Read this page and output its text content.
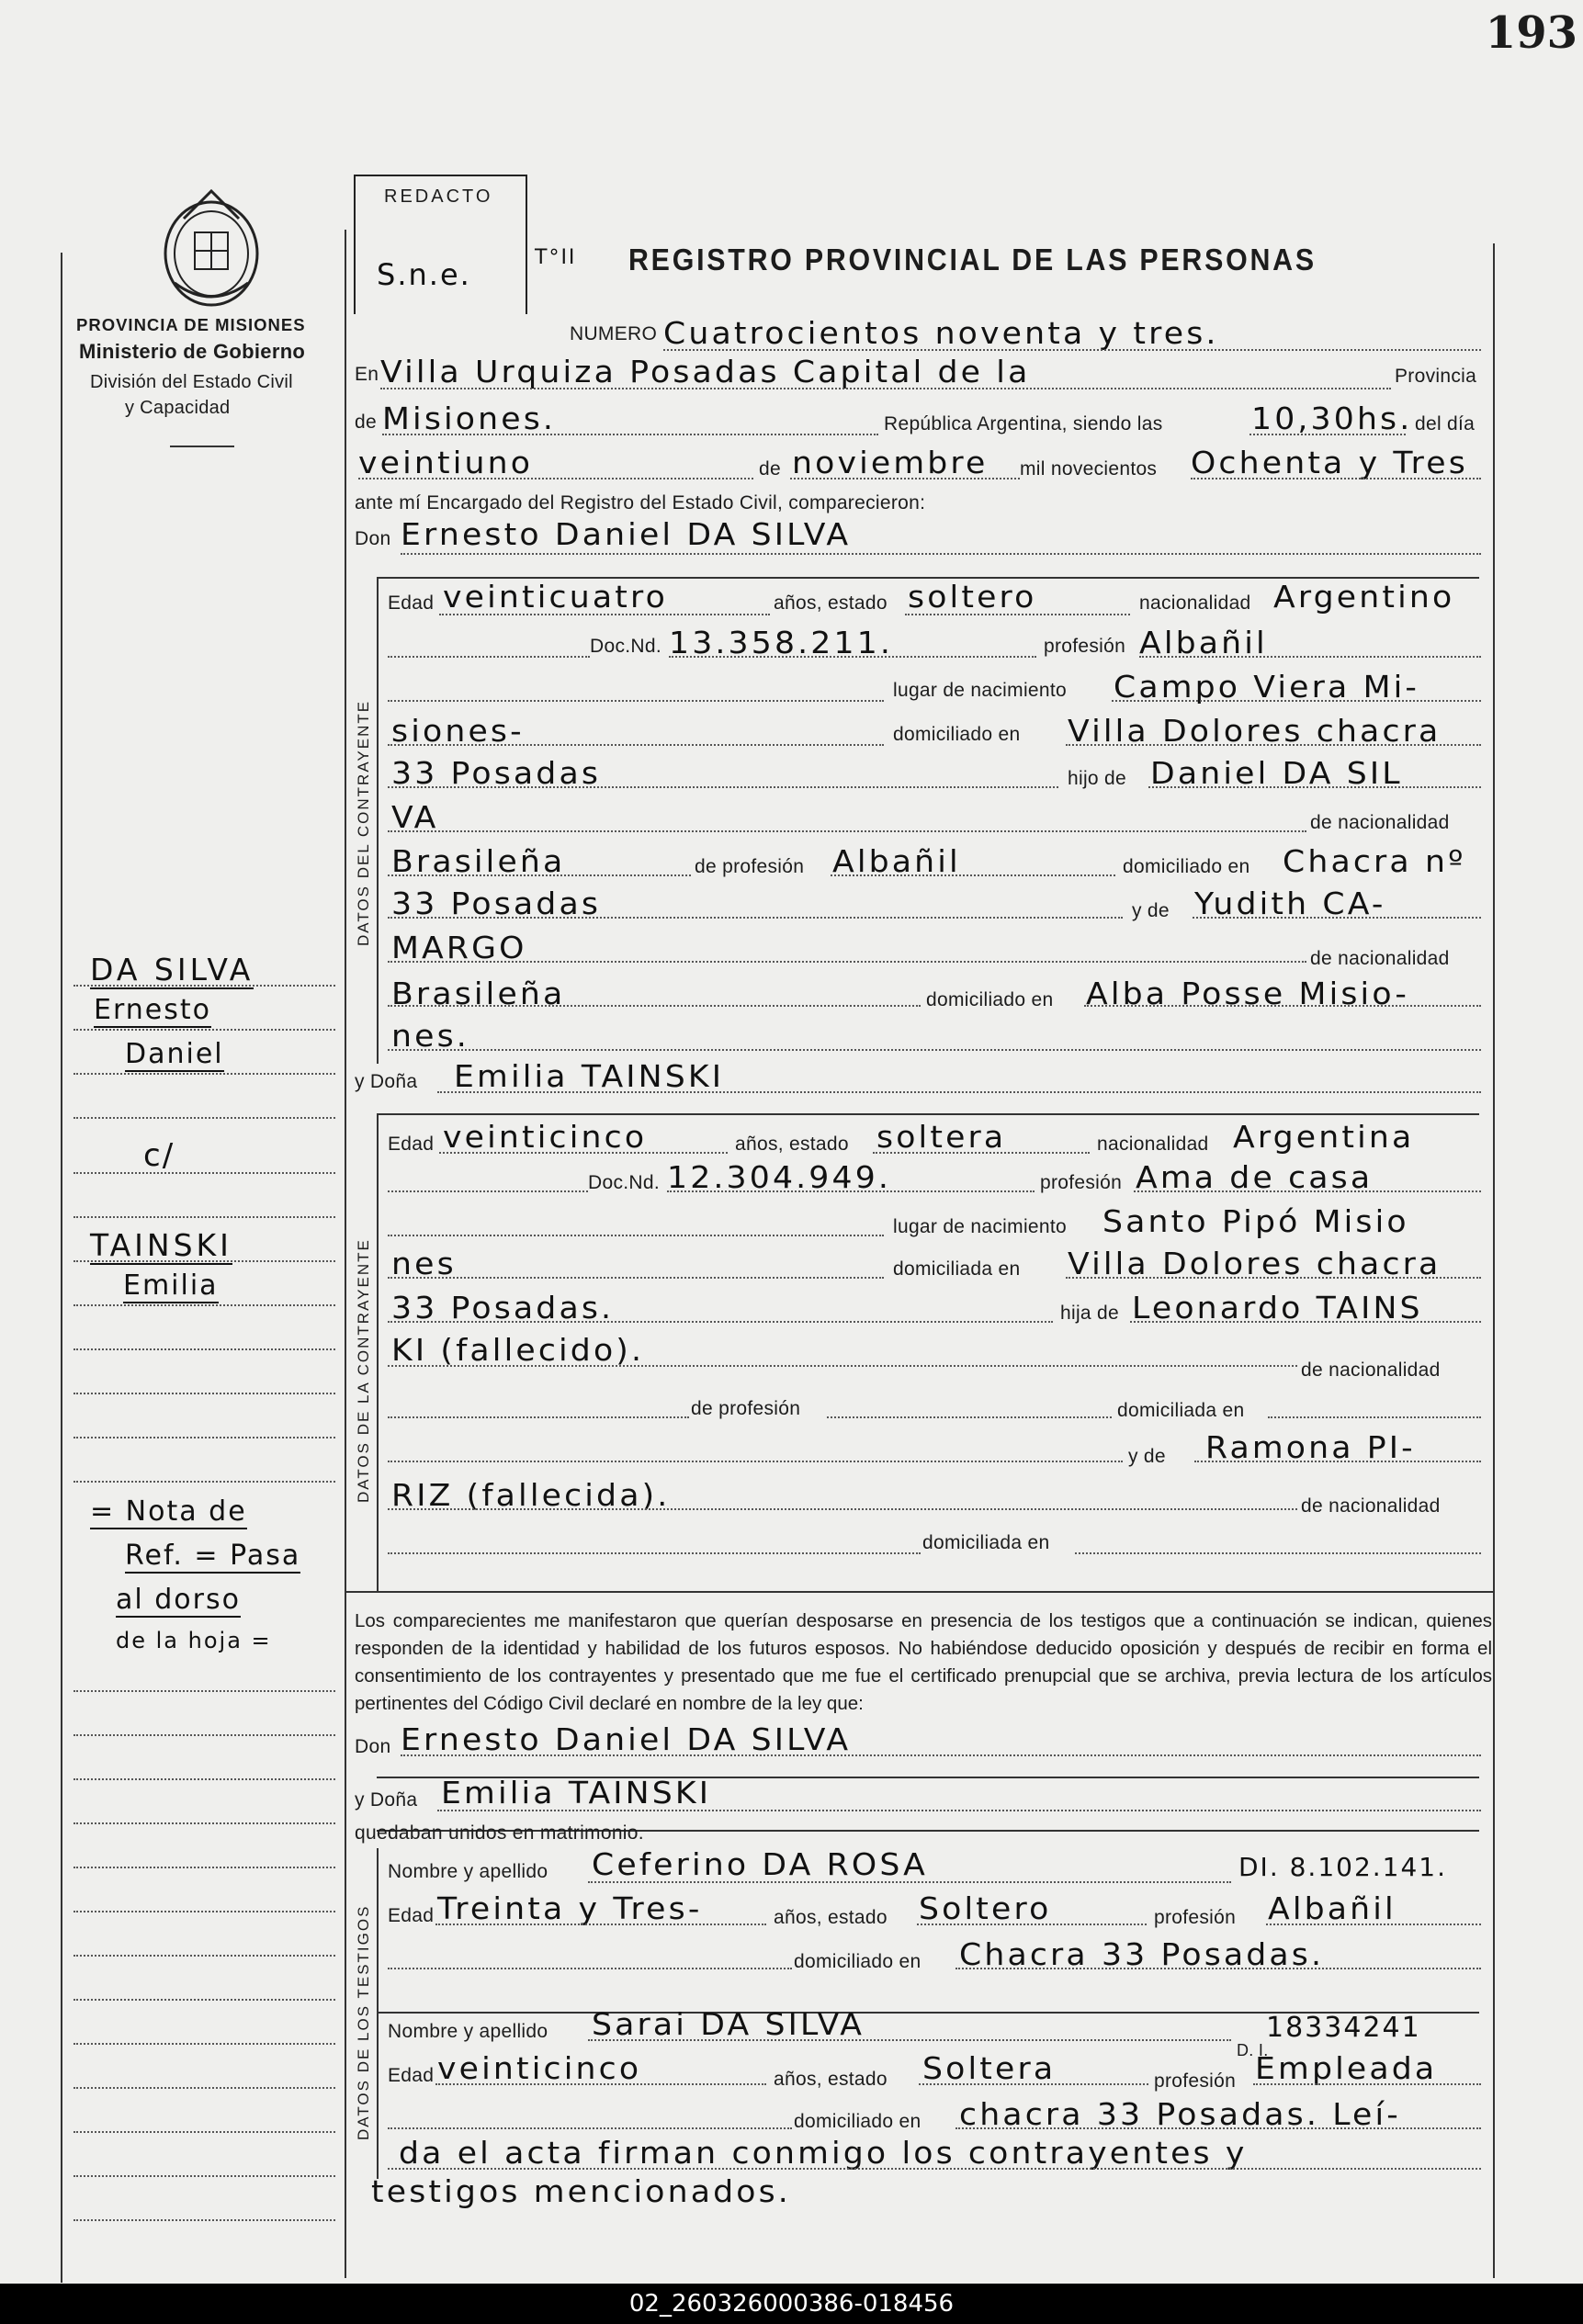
193
PROVINCIA DE MISIONES
Ministerio de Gobierno
División del Estado Civil
y Capacidad
REDACTO
S.n.e.	T°II REGISTRO PROVINCIAL DE LAS PERSONAS
NUMERO Cuatrocientos noventa y tres.
En Villa Urquiza Posadas Capital de la	Provincia
de Misiones.	República Argentina, siendo las	10,30hs. del día
veintiuno	de noviembre mil novecientos Ochenta y Tres
ante mí Encargado del Registro del Estado Civil, comparecieron:
Don Ernesto Daniel DA SILVA
DATOS DEL CONTRAYENTE
Edad veinticuatro	años, estado soltero	nacionalidad Argentino
Doc.Nd. 13.358.211.	profesión Albañil
lugar de nacimiento Campo Viera Mi-
siones-	domiciliado en Villa Dolores chacra
33 Posadas	hijo de Daniel DA SIL
VA	de nacionalidad
Brasileña	de profesión Albañil	domiciliado en Chacra nº
33 Posadas	y de Yudith CA-
MARGO	de nacionalidad
Brasileña	domiciliado en Alba Posse Misio-
nes.
y Doña Emilia TAINSKI
DATOS DE LA CONTRAYENTE
Edad veinticinco	años, estado soltera	nacionalidad Argentina
Doc.Nd. 12.304.949.	profesión Ama de casa
lugar de nacimiento Santo Pipó Misio
nes	domiciliada en Villa Dolores chacra
33 Posadas.	hija de Leonardo TAINS
KI (fallecido).
de nacionalidad
de profesión	domiciliada en
y de Ramona PI-
RIZ (fallecida).	de nacionalidad
domiciliada en
DA SILVA
Ernesto
Daniel
c/
TAINSKI
Emilia
= Nota de
Ref. = Pasa
al dorso
de la hoja =
Los comparecientes me manifestaron que querían desposarse en presencia de los testigos que a continuación se indican, quienes responden de la identidad y habilidad de los futuros esposos. No habiéndose deducido oposición y después de recibir en forma el consentimiento de los contrayentes y presentado que me fue el certificado prenupcial que se archiva, previa lectura de los artículos pertinentes del Código Civil declaré en nombre de la ley que:
Don Ernesto Daniel DA SILVA
y Doña Emilia TAINSKI
quedaban unidos en matrimonio.
DATOS DE LOS TESTIGOS
Nombre y apellido Ceferino DA ROSA	DI. 8.102.141.
Edad Treinta y Tres-	años, estado Soltero	profesión Albañil
domiciliado en Chacra 33 Posadas.
Nombre y apellido Sarai DA SILVA
D. I.
18334241
Edad veinticinco	años, estado Soltera	profesión Empleada
domiciliado en chacra 33 Posadas. Leí-
da el acta firman conmigo los contrayentes y
testigos mencionados.
02_260326000386-018456
